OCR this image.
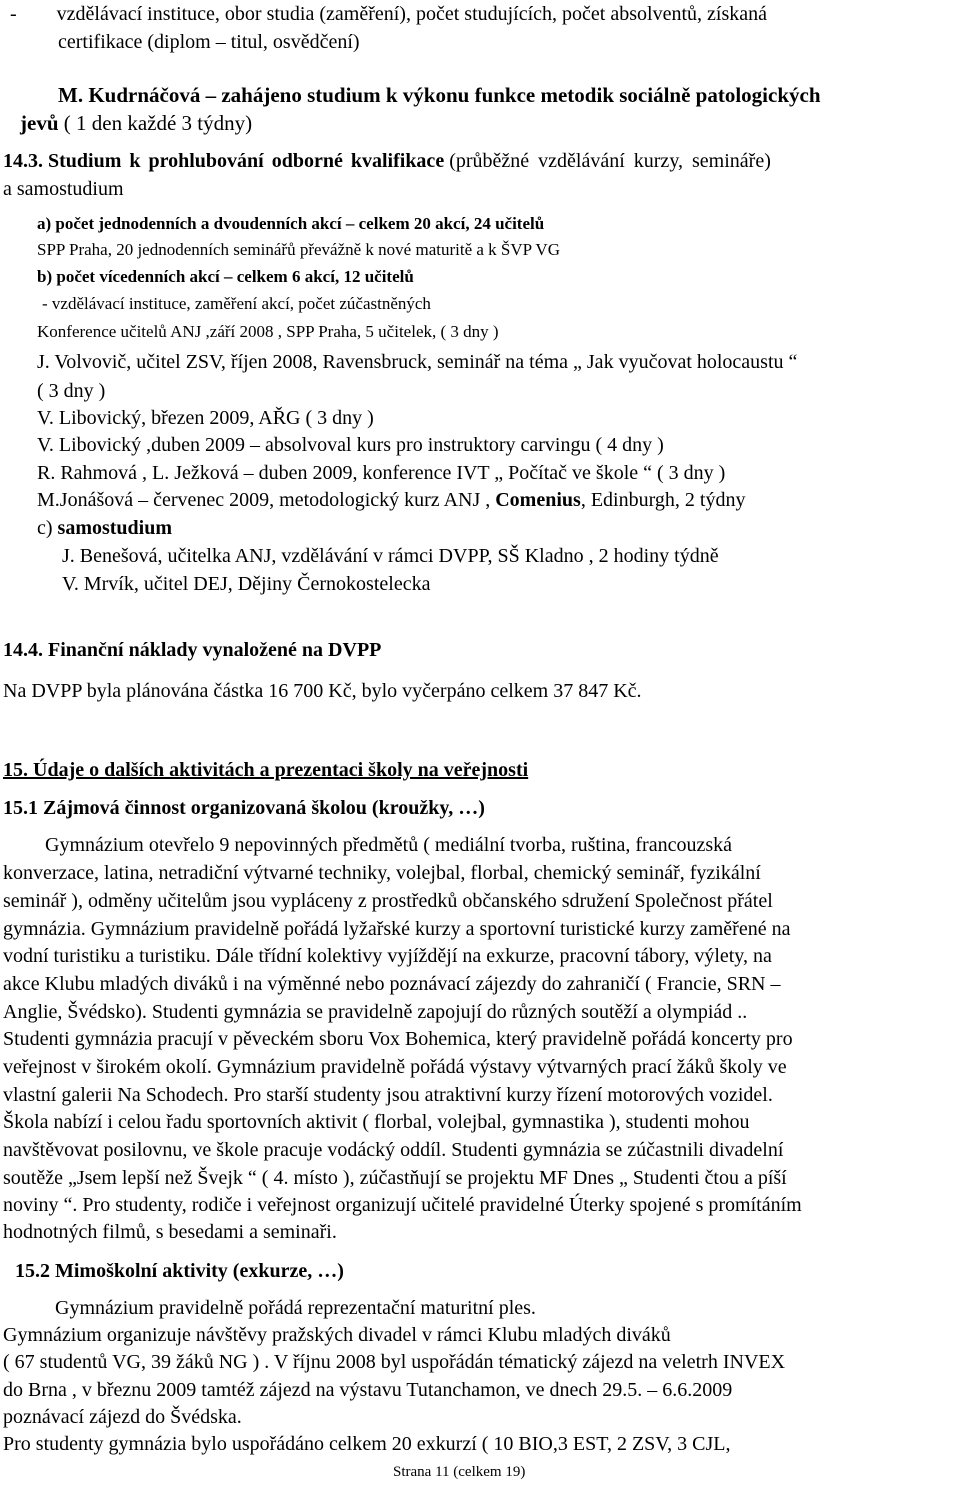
- vzdělávací instituce, obor studia (zaměření), počet studujících, počet absolventů, získaná
certifikace (diplom – titul, osvědčení)
M. Kudrnáčová – zahájeno studium k výkonu funkce metodik sociálně patologických
jevů ( 1 den každé 3 týdny)
14.3. Studium k prohlubování odborné kvalifikace (průběžné vzdělávání kurzy, semináře)
a samostudium
a) počet jednodenních a dvoudenních akcí – celkem 20 akcí, 24 učitelů
SPP Praha, 20 jednodenních seminářů převážně k nové maturitě a k ŠVP VG
b) počet vícedenních akcí – celkem 6 akcí, 12 učitelů
- vzdělávací instituce, zaměření akcí, počet zúčastněných
Konference učitelů ANJ ,září 2008 , SPP Praha, 5 učitelek, ( 3 dny )
J. Volvovič, učitel ZSV, říjen 2008, Ravensbruck, seminář na téma „ Jak vyučovat holocaustu “
( 3 dny )
V. Libovický, březen 2009, AŘG ( 3 dny )
V. Libovický ,duben 2009 – absolvoval kurs pro instruktory carvingu ( 4 dny )
R. Rahmová , L. Ježková – duben 2009, konference IVT „ Počítač ve škole “ ( 3 dny )
M.Jonášová – červenec 2009, metodologický kurz ANJ , Comenius, Edinburgh, 2 týdny
c) samostudium
J. Benešová, učitelka ANJ, vzdělávání v rámci DVPP, SŠ Kladno , 2 hodiny týdně
V. Mrvík, učitel DEJ, Dějiny Černokostelecka
14.4. Finanční náklady vynaložené na DVPP
Na DVPP byla plánována částka 16 700 Kč, bylo vyčerpáno celkem 37 847 Kč.
15. Údaje o dalších aktivitách a prezentaci školy na veřejnosti
15.1 Zájmová činnost organizovaná školou (kroužky, …)
Gymnázium otevřelo 9 nepovinných předmětů ( mediální tvorba, ruština, francouzská
konverzace, latina, netradiční výtvarné techniky, volejbal, florbal, chemický seminář, fyzikální
seminář ), odměny učitelům jsou vypláceny z prostředků občanského sdružení Společnost přátel
gymnázia. Gymnázium pravidelně pořádá lyžařské kurzy a sportovní turistické kurzy zaměřené na
vodní turistiku a turistiku. Dále třídní kolektivy vyjíždějí na exkurze, pracovní tábory, výlety, na
akce Klubu mladých diváků i na výměnné nebo poznávací zájezdy do zahraničí ( Francie, SRN –
Anglie, Švédsko). Studenti gymnázia se pravidelně zapojují do různých soutěží a olympiád ..
Studenti gymnázia pracují v pěveckém sboru Vox Bohemica, který pravidelně pořádá koncerty pro
veřejnost v širokém okolí. Gymnázium pravidelně pořádá výstavy výtvarných prací žáků školy ve
vlastní galerii Na Schodech. Pro starší studenty jsou atraktivní kurzy řízení motorových vozidel.
Škola nabízí i celou řadu sportovních aktivit ( florbal, volejbal, gymnastika ), studenti mohou
navštěvovat posilovnu, ve škole pracuje vodácký oddíl. Studenti gymnázia se zúčastnili divadelní
soutěže „Jsem lepší než Švejk “ ( 4. místo ), zúčastňují se projektu MF Dnes „ Studenti čtou a píší
noviny “. Pro studenty, rodiče i veřejnost organizují učitelé pravidelné Úterky spojené s promítáním
hodnotných filmů, s besedami a seminaři.
15.2 Mimoškolní aktivity (exkurze, …)
Gymnázium pravidelně pořádá reprezentační maturitní ples.
Gymnázium organizuje návštěvy pražských divadel v rámci Klubu mladých diváků
( 67 studentů VG, 39 žáků NG ) . V říjnu 2008 byl uspořádán tématický zájezd na veletrh INVEX
do Brna , v březnu 2009 tamtéž zájezd na výstavu Tutanchamon, ve dnech 29.5. – 6.6.2009
poznávací zájezd do Švédska.
Pro studenty gymnázia bylo uspořádáno celkem 20 exkurzí ( 10 BIO,3 EST, 2 ZSV, 3 CJL,
Strana 11 (celkem 19)
